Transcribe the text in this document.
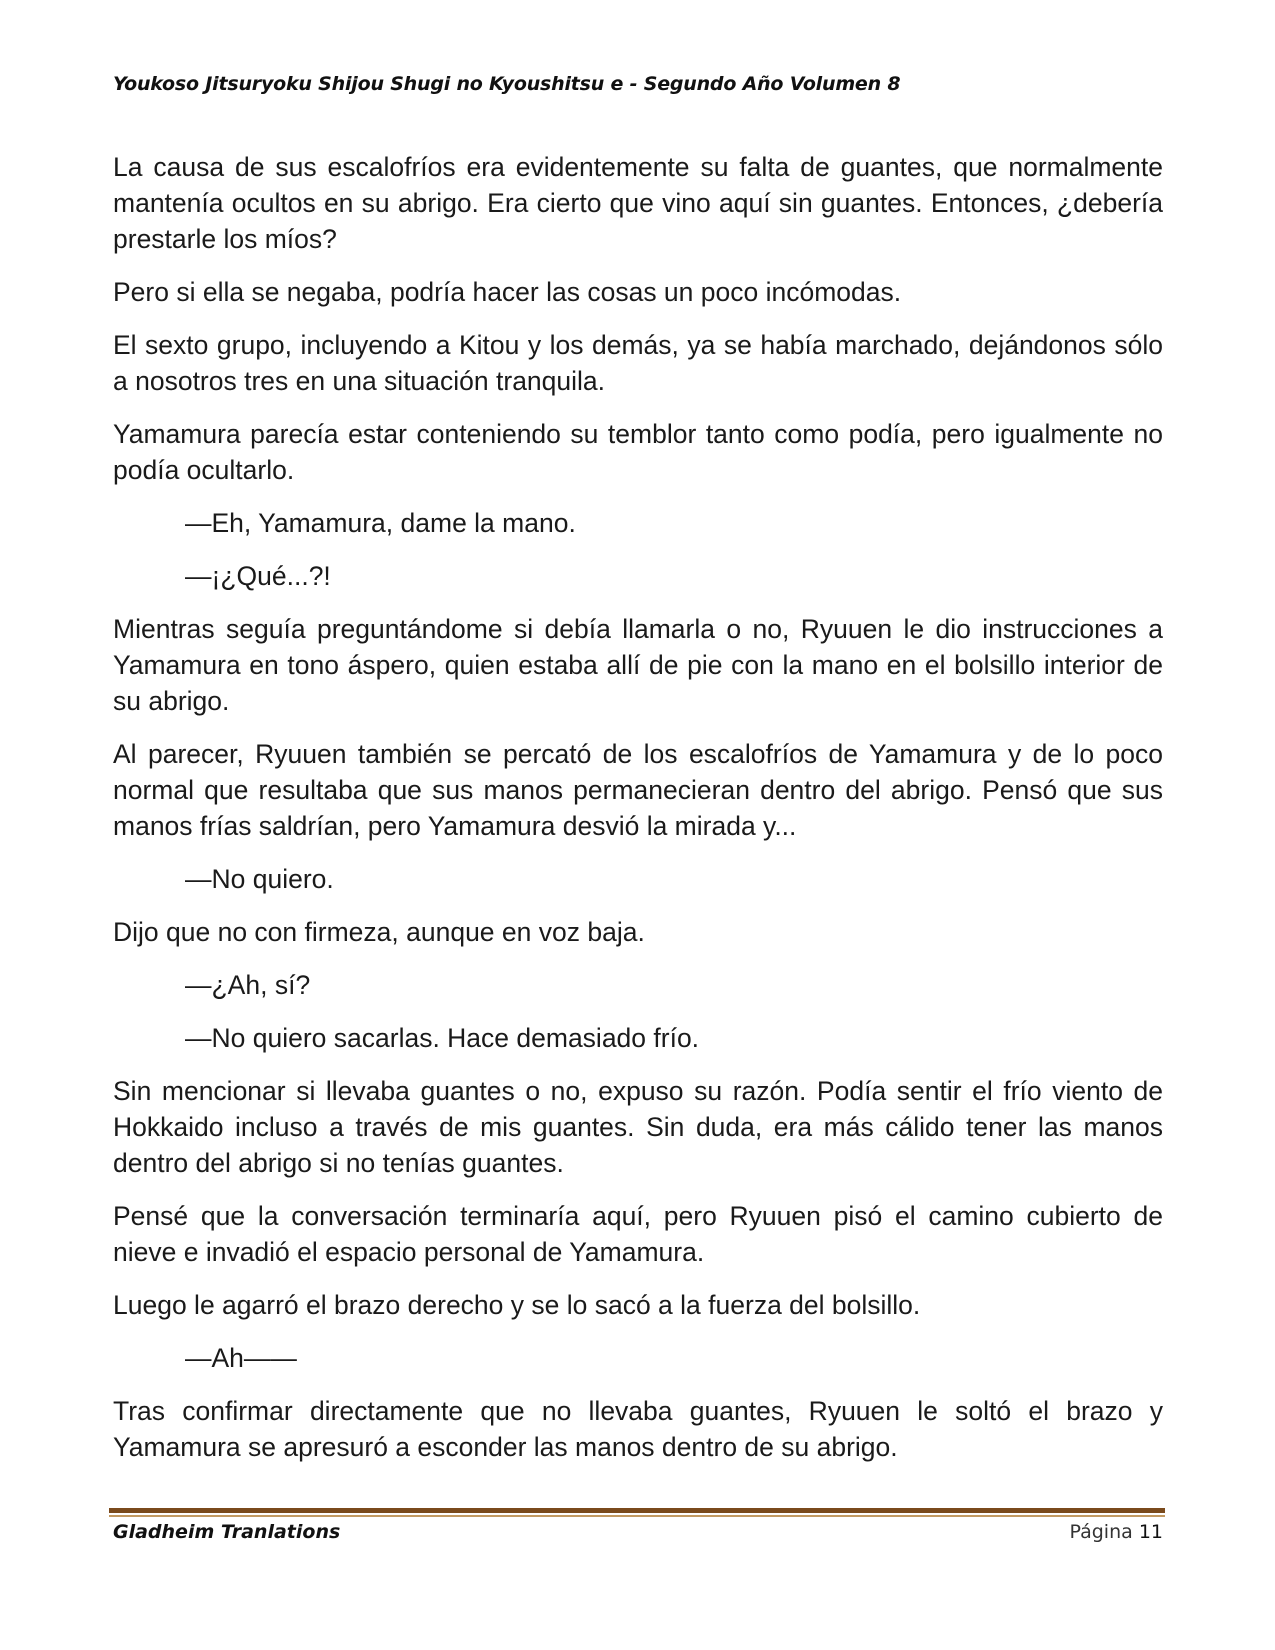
Youkoso Jitsuryoku Shijou Shugi no Kyoushitsu e - Segundo Año Volumen 8

La causa de sus escalofríos era evidentemente su falta de guantes, que normalmente mantenía ocultos en su abrigo. Era cierto que vino aquí sin guantes. Entonces, ¿debería prestarle los míos?

Pero si ella se negaba, podría hacer las cosas un poco incómodas.

El sexto grupo, incluyendo a Kitou y los demás, ya se había marchado, dejándonos sólo a nosotros tres en una situación tranquila.

Yamamura parecía estar conteniendo su temblor tanto como podía, pero igualmente no podía ocultarlo.

—Eh, Yamamura, dame la mano.

—¡¿Qué...?!

Mientras seguía preguntándome si debía llamarla o no, Ryuuen le dio instrucciones a Yamamura en tono áspero, quien estaba allí de pie con la mano en el bolsillo interior de su abrigo.

Al parecer, Ryuuen también se percató de los escalofríos de Yamamura y de lo poco normal que resultaba que sus manos permanecieran dentro del abrigo. Pensó que sus manos frías saldrían, pero Yamamura desvió la mirada y...

—No quiero.

Dijo que no con firmeza, aunque en voz baja.

—¿Ah, sí?

—No quiero sacarlas. Hace demasiado frío.

Sin mencionar si llevaba guantes o no, expuso su razón. Podía sentir el frío viento de Hokkaido incluso a través de mis guantes. Sin duda, era más cálido tener las manos dentro del abrigo si no tenías guantes.

Pensé que la conversación terminaría aquí, pero Ryuuen pisó el camino cubierto de nieve e invadió el espacio personal de Yamamura.

Luego le agarró el brazo derecho y se lo sacó a la fuerza del bolsillo.

—Ah——

Tras confirmar directamente que no llevaba guantes, Ryuuen le soltó el brazo y Yamamura se apresuró a esconder las manos dentro de su abrigo.

Gladheim Tranlations	Página 11
